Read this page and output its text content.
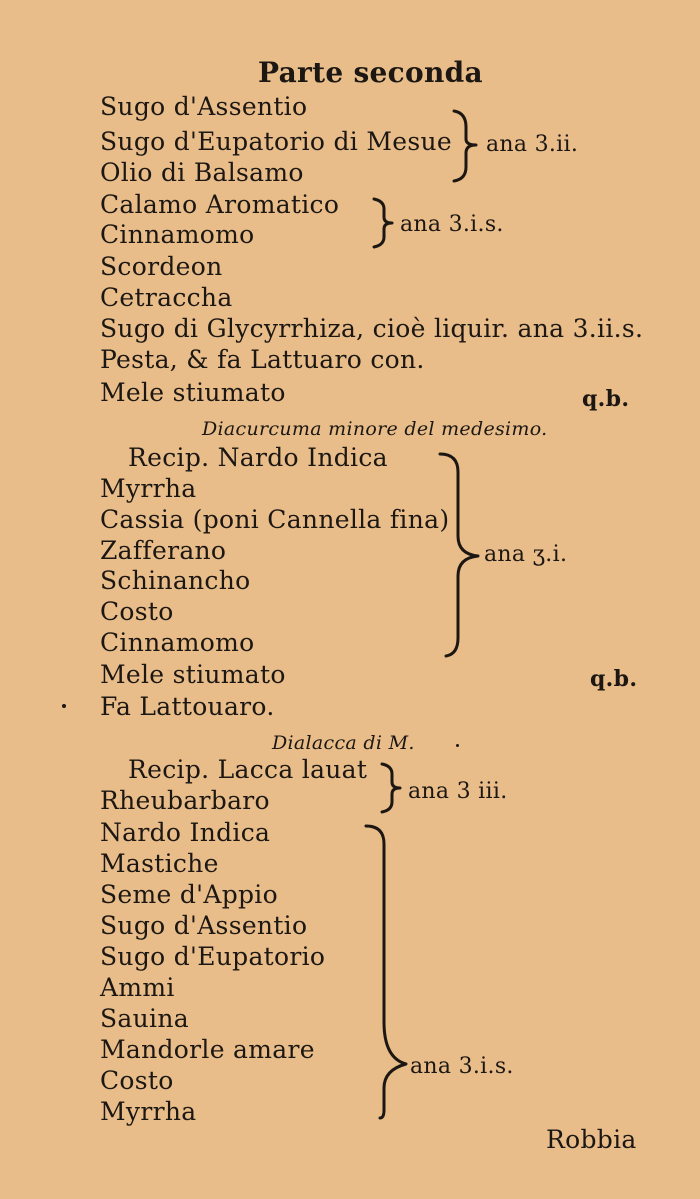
Parte seconda
Sugo d'Assentio
Sugo d'Eupatorio di Mesue
Olio di Balsamo
ana 3.ii.
Calamo Aromatico
Cinnamomo	ana 3.i.s.
Scordeon
Cetracchа
Sugo di Glycyrrhiza, cioè liquir. ana 3.ii.s.
Pesta, & fa Lattuaro con.
Mele stiumato	q.b.
Diacurcuma minore del medesimo.
Recip. Nardo Indica
Myrrha
Cassia (poni Cannella fina)
Zafferano
Schinancho
Costo
Cinnamomo
Mele stiumato
Fa Lattouaro.
ana ʒ.i.
q.b.
Dialacca di M.
Recip. Lacca lauat
Rheubarbaro	ana 3 iii.
Nardo Indica
Mastiche
Seme d'Appio
Sugo d'Assentio
Sugo d'Eupatorio
Ammi
Sauina
Mandorle amare
Costo
Myrrha
ana 3.i.s.
Robbia
